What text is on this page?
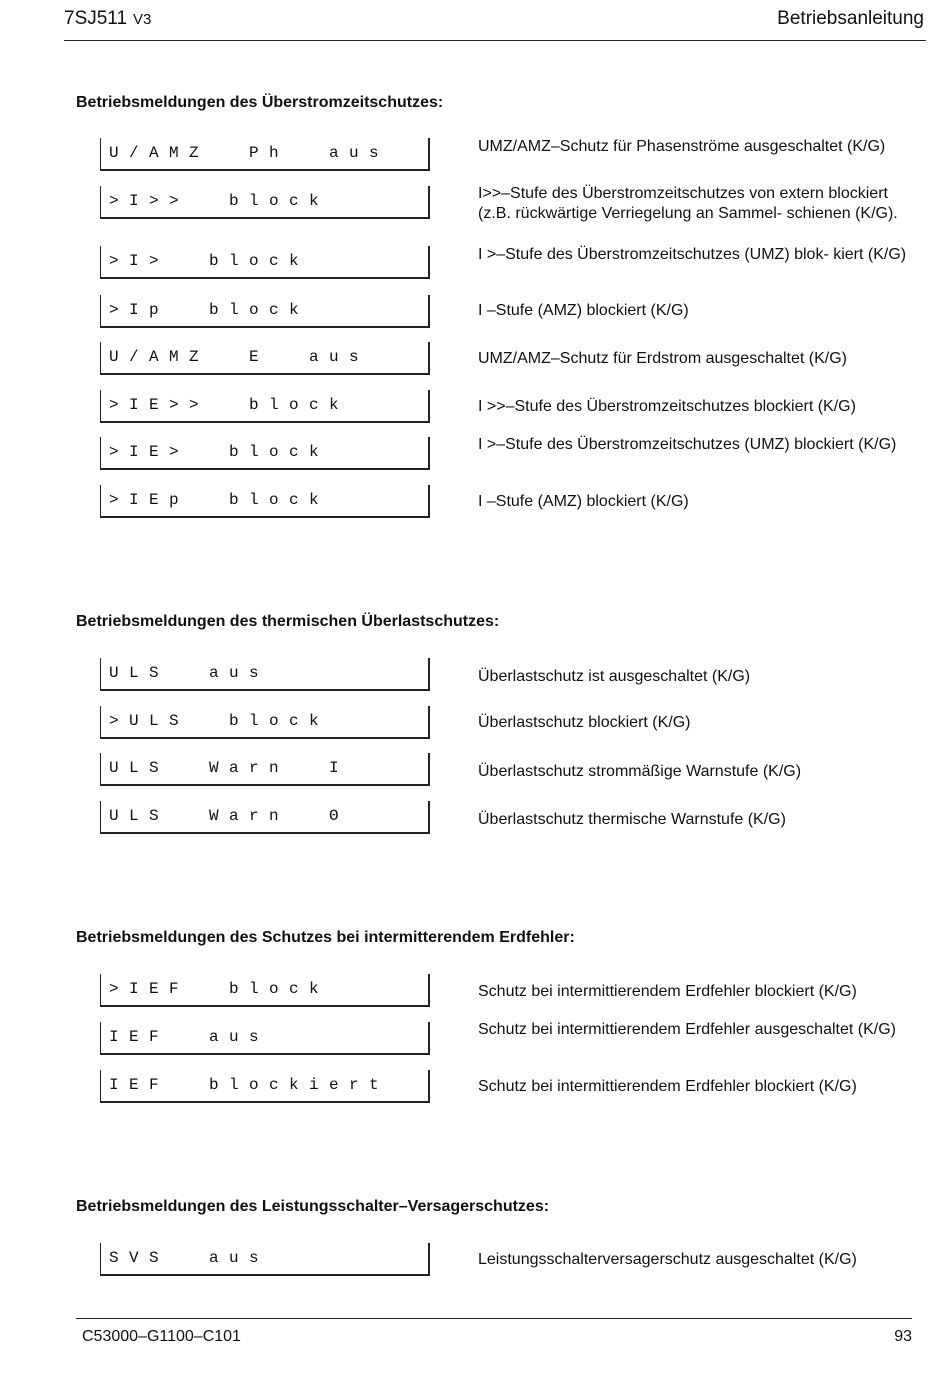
7SJ511 V3	Betriebsanleitung
Betriebsmeldungen des Überstromzeitschutzes:
U/AMZ  Ph  aus	UMZ/AMZ–Schutz für Phasenströme ausgeschaltet (K/G)
>I>>  block	I>>–Stufe des Überstromzeitschutzes von extern blockiert (z.B. rückwärtige Verriegelung an Sammel- schienen (K/G).
>I>  block	I >–Stufe des Überstromzeitschutzes (UMZ) blok- kiert (K/G)
>Ip  block	I –Stufe (AMZ) blockiert (K/G)
U/AMZ  E  aus	UMZ/AMZ–Schutz für Erdstrom ausgeschaltet (K/G)
>IE>>  block	I >>–Stufe des Überstromzeitschutzes blockiert (K/G)
>IE>  block	I >–Stufe des Überstromzeitschutzes (UMZ) blockiert (K/G)
>IEp  block	I –Stufe (AMZ) blockiert (K/G)
Betriebsmeldungen des thermischen Überlastschutzes:
ULS  aus	Überlastschutz ist ausgeschaltet (K/G)
>ULS  block	Überlastschutz blockiert (K/G)
ULS  Warn  I	Überlastschutz strommäßige Warnstufe (K/G)
ULS  Warn  Θ	Überlastschutz thermische Warnstufe (K/G)
Betriebsmeldungen des Schutzes bei intermitterendem Erdfehler:
>IEF  block	Schutz bei intermittierendem Erdfehler blockiert (K/G)
IEF  aus	Schutz bei intermittierendem Erdfehler ausgeschaltet (K/G)
IEF  blockiert	Schutz bei intermittierendem Erdfehler blockiert (K/G)
Betriebsmeldungen des Leistungsschalter–Versagerschutzes:
SVS  aus	Leistungsschalterversagerschutz ausgeschaltet (K/G)
C53000–G1100–C101	93
